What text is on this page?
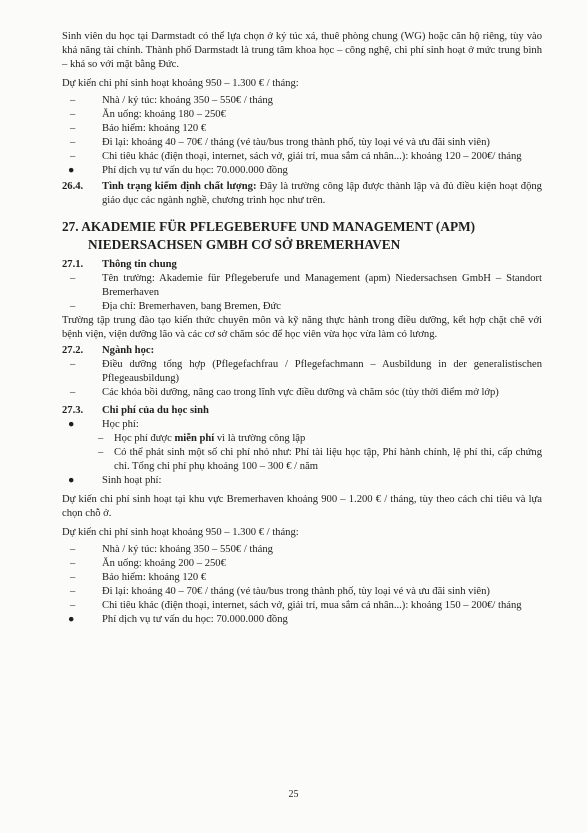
Sinh viên du học tại Darmstadt có thể lựa chọn ở ký túc xá, thuê phòng chung (WG) hoặc căn hộ riêng, tùy vào khả năng tài chính. Thành phố Darmstadt là trung tâm khoa học – công nghệ, chi phí sinh hoạt ở mức trung bình – khá so với mặt bằng Đức.

Dự kiến chi phí sinh hoạt khoảng 950 – 1.300 € / tháng:

–	Nhà / ký túc: khoảng 350 – 550€ / tháng
–	Ăn uống: khoảng 180 – 250€
–	Bảo hiểm: khoảng 120 €
–	Đi lại: khoảng 40 – 70€ / tháng (vé tàu/bus trong thành phố, tùy loại vé và ưu đãi sinh viên)
–	Chi tiêu khác (điện thoại, internet, sách vở, giải trí, mua sắm cá nhân...): khoảng 120 – 200€/ tháng
●	Phí dịch vụ tư vấn du học: 70.000.000 đồng
26.4.	Tình trạng kiểm định chất lượng: Đây là trường công lập được thành lập và đủ điều kiện hoạt động giáo dục các ngành nghề, chương trình học như trên.
27. AKADEMIE FÜR PFLEGEBERUFE UND MANAGEMENT (APM)
NIEDERSACHSEN GMBH CƠ SỞ BREMERHAVEN
27.1.	Thông tin chung
–	Tên trường: Akademie für Pflegeberufe und Management (apm) Niedersachsen GmbH – Standort Bremerhaven
–	Địa chỉ: Bremerhaven, bang Bremen, Đức

Trường tập trung đào tạo kiến thức chuyên môn và kỹ năng thực hành trong điều dưỡng, kết hợp chặt chẽ với bệnh viện, viện dưỡng lão và các cơ sở chăm sóc để học viên vừa học vừa làm có lương.

27.2.	Ngành học:
–	Điều dưỡng tổng hợp (Pflegefachfrau / Pflegefachmann – Ausbildung in der generalistischen Pflegeausbildung)
–	Các khóa bồi dưỡng, nâng cao trong lĩnh vực điều dưỡng và chăm sóc (tùy thời điểm mở lớp)
27.3.	Chi phí của du học sinh
●	Học phí:
–	Học phí được miễn phí vì là trường công lập
–	Có thể phát sinh một số chi phí nhỏ như: Phí tài liệu học tập, Phí hành chính, lệ phí thi, cấp chứng chỉ. Tổng chi phí phụ khoảng 100 – 300 € / năm
●	Sinh hoạt phí:

Dự kiến chi phí sinh hoạt tại khu vực Bremerhaven khoảng 900 – 1.200 € / tháng, tùy theo cách chi tiêu và lựa chọn chỗ ở.

Dự kiến chi phí sinh hoạt khoảng 950 – 1.300 € / tháng:

–	Nhà / ký túc: khoảng 350 – 550€ / tháng
–	Ăn uống: khoảng 200 – 250€
–	Bảo hiểm: khoảng 120 €
–	Đi lại: khoảng 40 – 70€ / tháng (vé tàu/bus trong thành phố, tùy loại vé và ưu đãi sinh viên)
–	Chi tiêu khác (điện thoại, internet, sách vở, giải trí, mua sắm cá nhân...): khoảng 150 – 200€/ tháng
●	Phí dịch vụ tư vấn du học: 70.000.000 đồng
25
